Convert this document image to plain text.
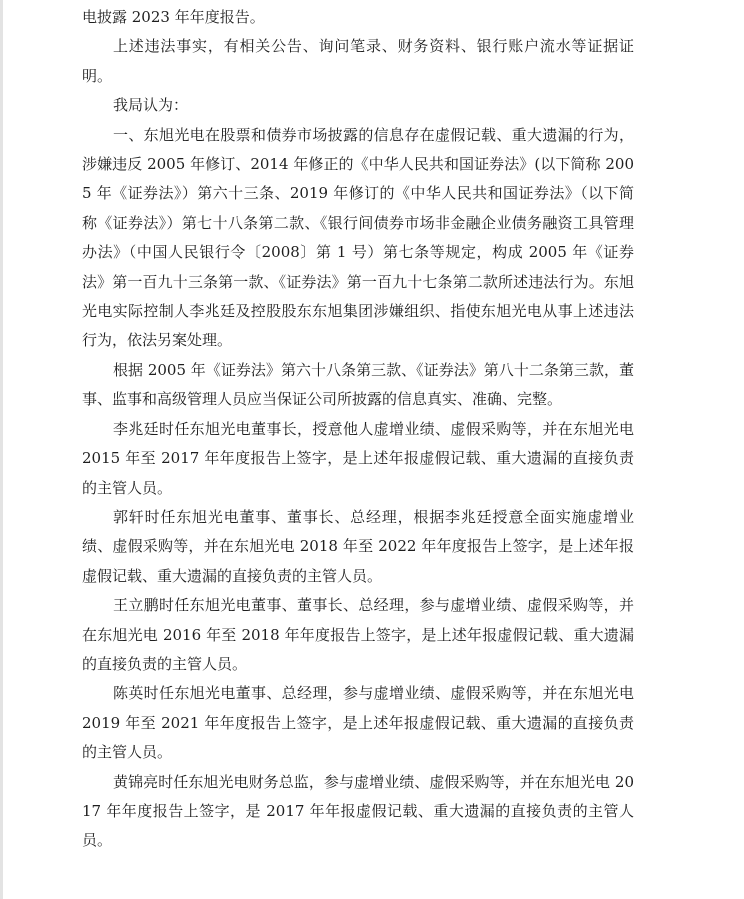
电披露 2023 年年度报告。

上述违法事实，有相关公告、询问笔录、财务资料、银行账户流水等证据证明。

我局认为：

一、东旭光电在股票和债券市场披露的信息存在虚假记载、重大遗漏的行为，涉嫌违反 2005 年修订、2014 年修正的《中华人民共和国证券法》(以下简称 2005 年《证券法》）第六十三条、2019 年修订的《中华人民共和国证券法》（以下简称《证券法》）第七十八条第二款、《银行间债券市场非金融企业债务融资工具管理办法》（中国人民银行令〔2008〕第 1 号）第七条等规定，构成 2005 年《证券法》第一百九十三条第一款、《证券法》第一百九十七条第二款所述违法行为。东旭光电实际控制人李兆廷及控股股东东旭集团涉嫌组织、指使东旭光电从事上述违法行为，依法另案处理。

根据 2005 年《证券法》第六十八条第三款、《证券法》第八十二条第三款，董事、监事和高级管理人员应当保证公司所披露的信息真实、准确、完整。

李兆廷时任东旭光电董事长，授意他人虚增业绩、虚假采购等，并在东旭光电 2015 年至 2017 年年度报告上签字，是上述年报虚假记载、重大遗漏的直接负责的主管人员。

郭轩时任东旭光电董事、董事长、总经理，根据李兆廷授意全面实施虚增业绩、虚假采购等，并在东旭光电 2018 年至 2022 年年度报告上签字，是上述年报虚假记载、重大遗漏的直接负责的主管人员。

王立鹏时任东旭光电董事、董事长、总经理，参与虚增业绩、虚假采购等，并在东旭光电 2016 年至 2018 年年度报告上签字，是上述年报虚假记载、重大遗漏的直接负责的主管人员。

陈英时任东旭光电董事、总经理，参与虚增业绩、虚假采购等，并在东旭光电 2019 年至 2021 年年度报告上签字，是上述年报虚假记载、重大遗漏的直接负责的主管人员。

黄锦亮时任东旭光电财务总监，参与虚增业绩、虚假采购等，并在东旭光电 2017 年年度报告上签字，是 2017 年年报虚假记载、重大遗漏的直接负责的主管人员。
